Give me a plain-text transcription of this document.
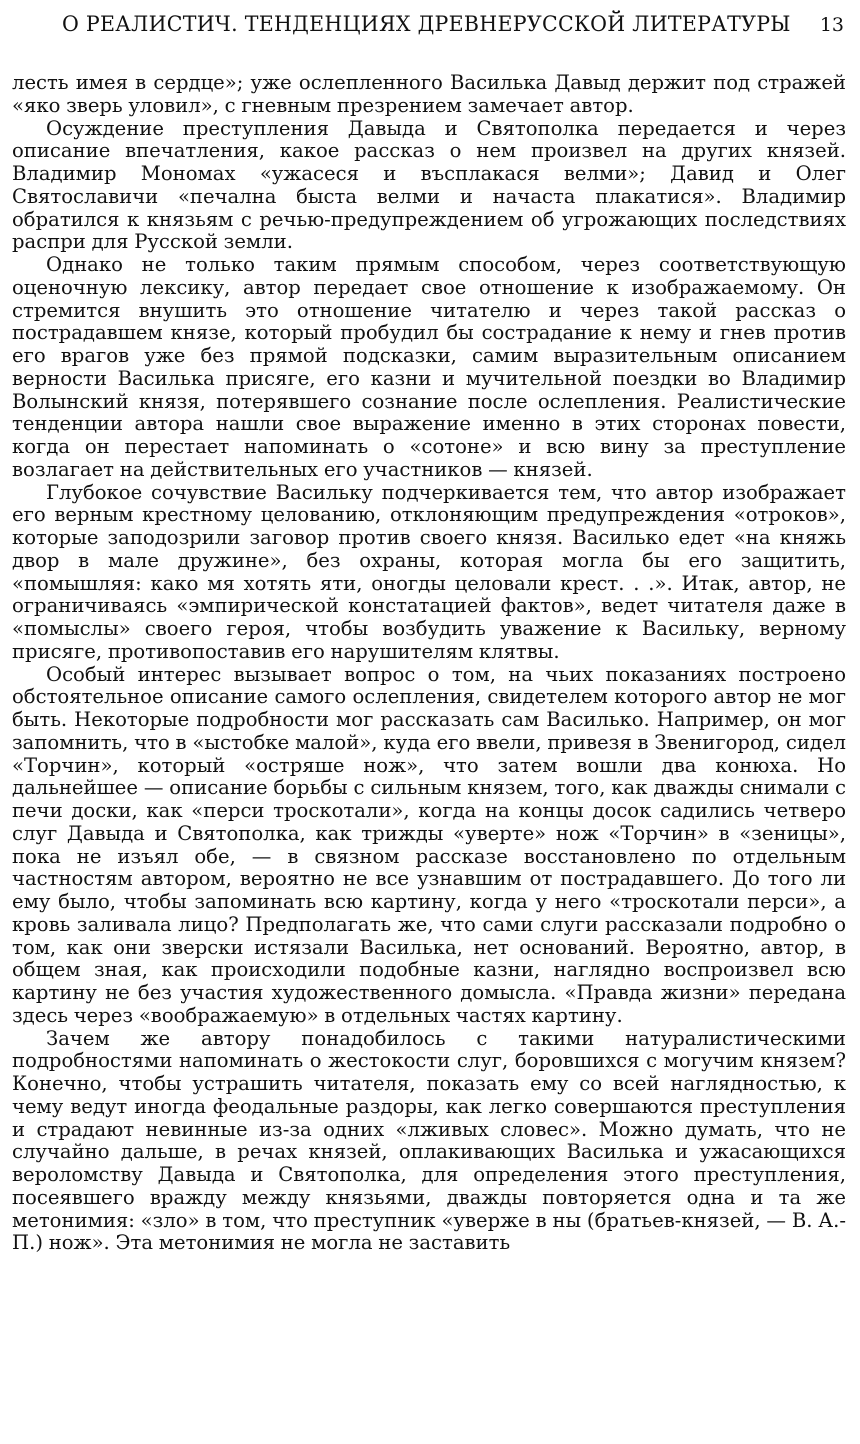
О РЕАЛИСТИЧ. ТЕНДЕНЦИЯХ ДРЕВНЕРУССКОЙ ЛИТЕРАТУРЫ 13

лесть имея в сердце»; уже ослепленного Василька Давыд держит под стражей «яко зверь уловил», с гневным презрением замечает автор.

Осуждение преступления Давыда и Святополка передается и через описание впечатления, какое рассказ о нем произвел на других князей. Владимир Мономах «ужасеся и въсплакася велми»; Давид и Олег Святославичи «печална быста велми и начаста плакатися». Владимир обратился к князьям с речью-предупреждением об угрожающих последствиях распри для Русской земли.

Однако не только таким прямым способом, через соответствующую оценочную лексику, автор передает свое отношение к изображаемому. Он стремится внушить это отношение читателю и через такой рассказ о пострадавшем князе, который пробудил бы сострадание к нему и гнев против его врагов уже без прямой подсказки, самим выразительным описанием верности Василька присяге, его казни и мучительной поездки во Владимир Волынский князя, потерявшего сознание после ослепления. Реалистические тенденции автора нашли свое выражение именно в этих сторонах повести, когда он перестает напоминать о «сотоне» и всю вину за преступление возлагает на действительных его участников — князей.

Глубокое сочувствие Васильку подчеркивается тем, что автор изображает его верным крестному целованию, отклоняющим предупреждения «отроков», которые заподозрили заговор против своего князя. Василько едет «на княжь двор в мале дружине», без охраны, которая могла бы его защитить, «помышляя: како мя хотять яти, оногды целовали крест. . .». Итак, автор, не ограничиваясь «эмпирической констатацией фактов», ведет читателя даже в «помыслы» своего героя, чтобы возбудить уважение к Васильку, верному присяге, противопоставив его нарушителям клятвы.

Особый интерес вызывает вопрос о том, на чьих показаниях построено обстоятельное описание самого ослепления, свидетелем которого автор не мог быть. Некоторые подробности мог рассказать сам Василько. Например, он мог запомнить, что в «ыстобке малой», куда его ввели, привезя в Звенигород, сидел «Торчин», который «остряше нож», что затем вошли два конюха. Но дальнейшее — описание борьбы с сильным князем, того, как дважды снимали с печи доски, как «перси троскотали», когда на концы досок садились четверо слуг Давыда и Святополка, как трижды «уверте» нож «Торчин» в «зеницы», пока не изъял обе, — в связном рассказе восстановлено по отдельным частностям автором, вероятно не все узнавшим от пострадавшего. До того ли ему было, чтобы запоминать всю картину, когда у него «троскотали перси», а кровь заливала лицо? Предполагать же, что сами слуги рассказали подробно о том, как они зверски истязали Василька, нет оснований. Вероятно, автор, в общем зная, как происходили подобные казни, наглядно воспроизвел всю картину не без участия художественного домысла. «Правда жизни» передана здесь через «воображаемую» в отдельных частях картину.

Зачем же автору понадобилось с такими натуралистическими подробностями напоминать о жестокости слуг, боровшихся с могучим князем? Конечно, чтобы устрашить читателя, показать ему со всей наглядностью, к чему ведут иногда феодальные раздоры, как легко совершаются преступления и страдают невинные из-за одних «лживых словес». Можно думать, что не случайно дальше, в речах князей, оплакивающих Василька и ужасающихся вероломству Давыда и Святополка, для определения этого преступления, посеявшего вражду между князьями, дважды повторяется одна и та же метонимия: «зло» в том, что преступник «уверже в ны (братьев-князей, — В. А.-П.) нож». Эта метонимия не могла не заставить
